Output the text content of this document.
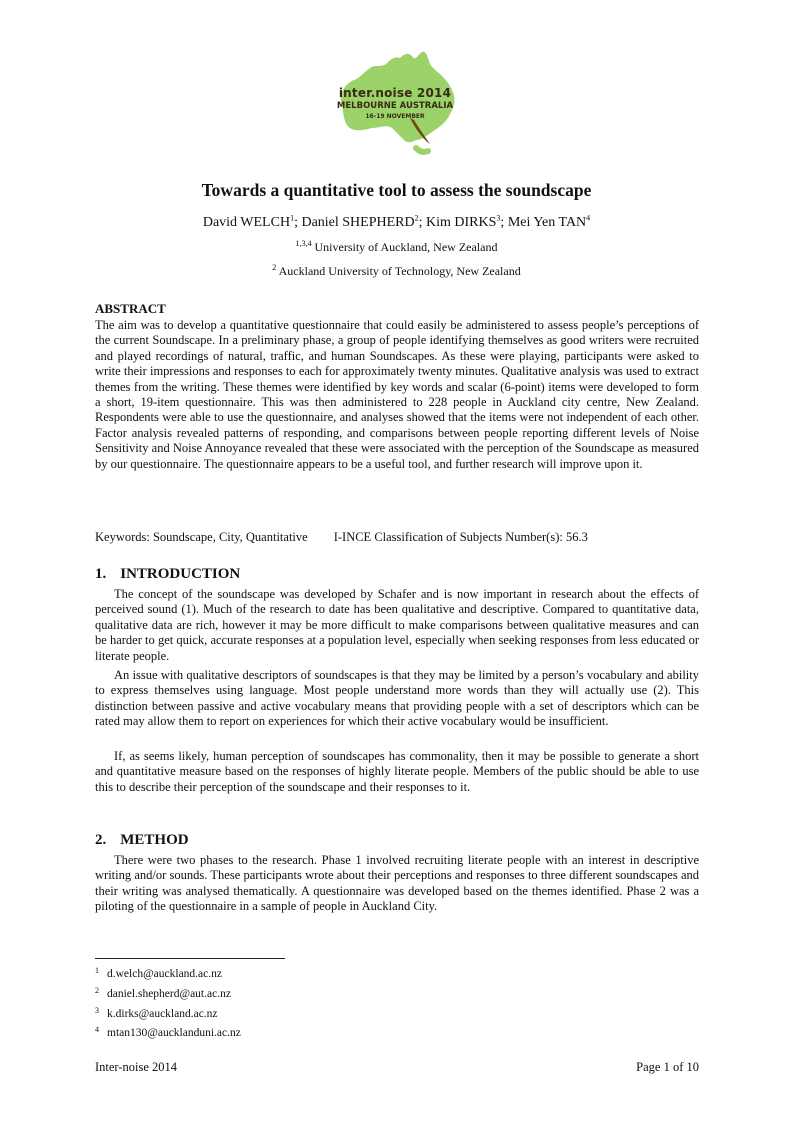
inter.noise 2014
MELBOURNE AUSTRALIA
16-19 NOVEMBER
Towards a quantitative tool to assess the soundscape
David WELCH$^1$; Daniel SHEPHERD$^2$; Kim DIRKS$^3$; Mei Yen TAN$^4$
$^{1,3,4}$ University of Auckland, New Zealand
$^2$ Auckland University of Technology, New Zealand
ABSTRACT

The aim was to develop a quantitative questionnaire that could easily be administered to assess people’s perceptions of the current Soundscape. In a preliminary phase, a group of people identifying themselves as good writers were recruited and played recordings of natural, traffic, and human Soundscapes. As these were playing, participants were asked to write their impressions and responses to each for approximately twenty minutes. Qualitative analysis was used to extract themes from the writing. These themes were identified by key words and scalar (6-point) items were developed to form a short, 19-item questionnaire. This was then administered to 228 people in Auckland city centre, New Zealand. Respondents were able to use the questionnaire, and analyses showed that the items were not independent of each other. Factor analysis revealed patterns of responding, and comparisons between people reporting different levels of Noise Sensitivity and Noise Annoyance revealed that these were associated with the perception of the Soundscape as measured by our questionnaire. The questionnaire appears to be a useful tool, and further research will improve upon it.

Keywords: Soundscape, City, Quantitative I-INCE Classification of Subjects Number(s): 56.3
1. INTRODUCTION

The concept of the soundscape was developed by Schafer and is now important in research about the effects of perceived sound (1). Much of the research to date has been qualitative and descriptive. Compared to quantitative data, qualitative data are rich, however it may be more difficult to make comparisons between qualitative measures and can be harder to get quick, accurate responses at a population level, especially when seeking responses from less educated or literate people.

An issue with qualitative descriptors of soundscapes is that they may be limited by a person’s vocabulary and ability to express themselves using language. Most people understand more words than they will actually use (2). This distinction between passive and active vocabulary means that providing people with a set of descriptors which can be rated may allow them to report on experiences for which their active vocabulary would be insufficient.

If, as seems likely, human perception of soundscapes has commonality, then it may be possible to generate a short and quantitative measure based on the responses of highly literate people. Members of the public should be able to use this to describe their perception of the soundscape and their responses to it.

2. METHOD

There were two phases to the research. Phase 1 involved recruiting literate people with an interest in descriptive writing and/or sounds. These participants wrote about their perceptions and responses to three different soundscapes and their writing was analysed thematically. A questionnaire was developed based on the themes identified. Phase 2 was a piloting of the questionnaire in a sample of people in Auckland City.

1 d.welch@auckland.ac.nz
2 daniel.shepherd@aut.ac.nz
3 k.dirks@auckland.ac.nz
4 mtan130@aucklanduni.ac.nz
Inter-noise 2014	Page 1 of 10
